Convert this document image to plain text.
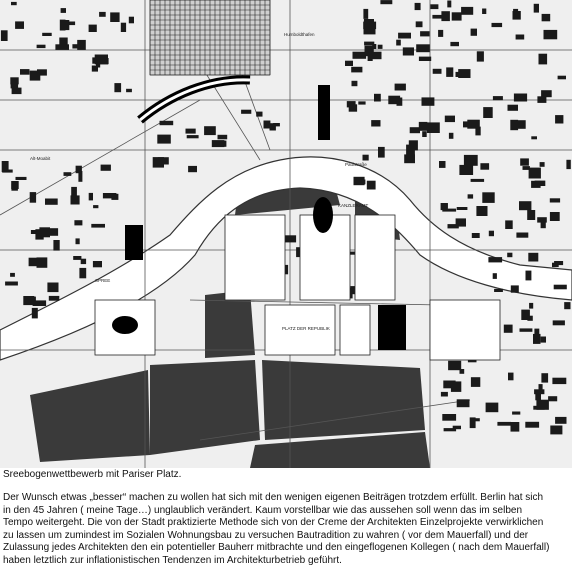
Humboldthafen
Alt-Moabit
SPREE
KANZLERAMT
PLATZ DER REPUBLIK
Paulstraße
Sreebogenwettbewerb mit Pariser Platz.

Der Wunsch etwas „besser“ machen zu wollen hat sich mit den wenigen eigenen Beiträgen trotzdem erfüllt. Berlin hat sich

in den 45 Jahren ( meine Tage…) unglaublich verändert. Kaum vorstellbar wie das aussehen soll wenn das im selben

Tempo weitergeht. Die von der Stadt praktizierte Methode sich von der Creme der Architekten Einzelprojekte verwirklichen

zu lassen um zumindest im Sozialen Wohnungsbau zu versuchen Bautradition zu wahren ( vor dem Mauerfall) und der

Zulassung jedes Architekten den ein potentieller Bauherr mitbrachte und den eingeflogenen Kollegen ( nach dem Mauerfall)

haben letztlich zur inflationistischen Tendenzen im Architekturbetrieb geführt.
